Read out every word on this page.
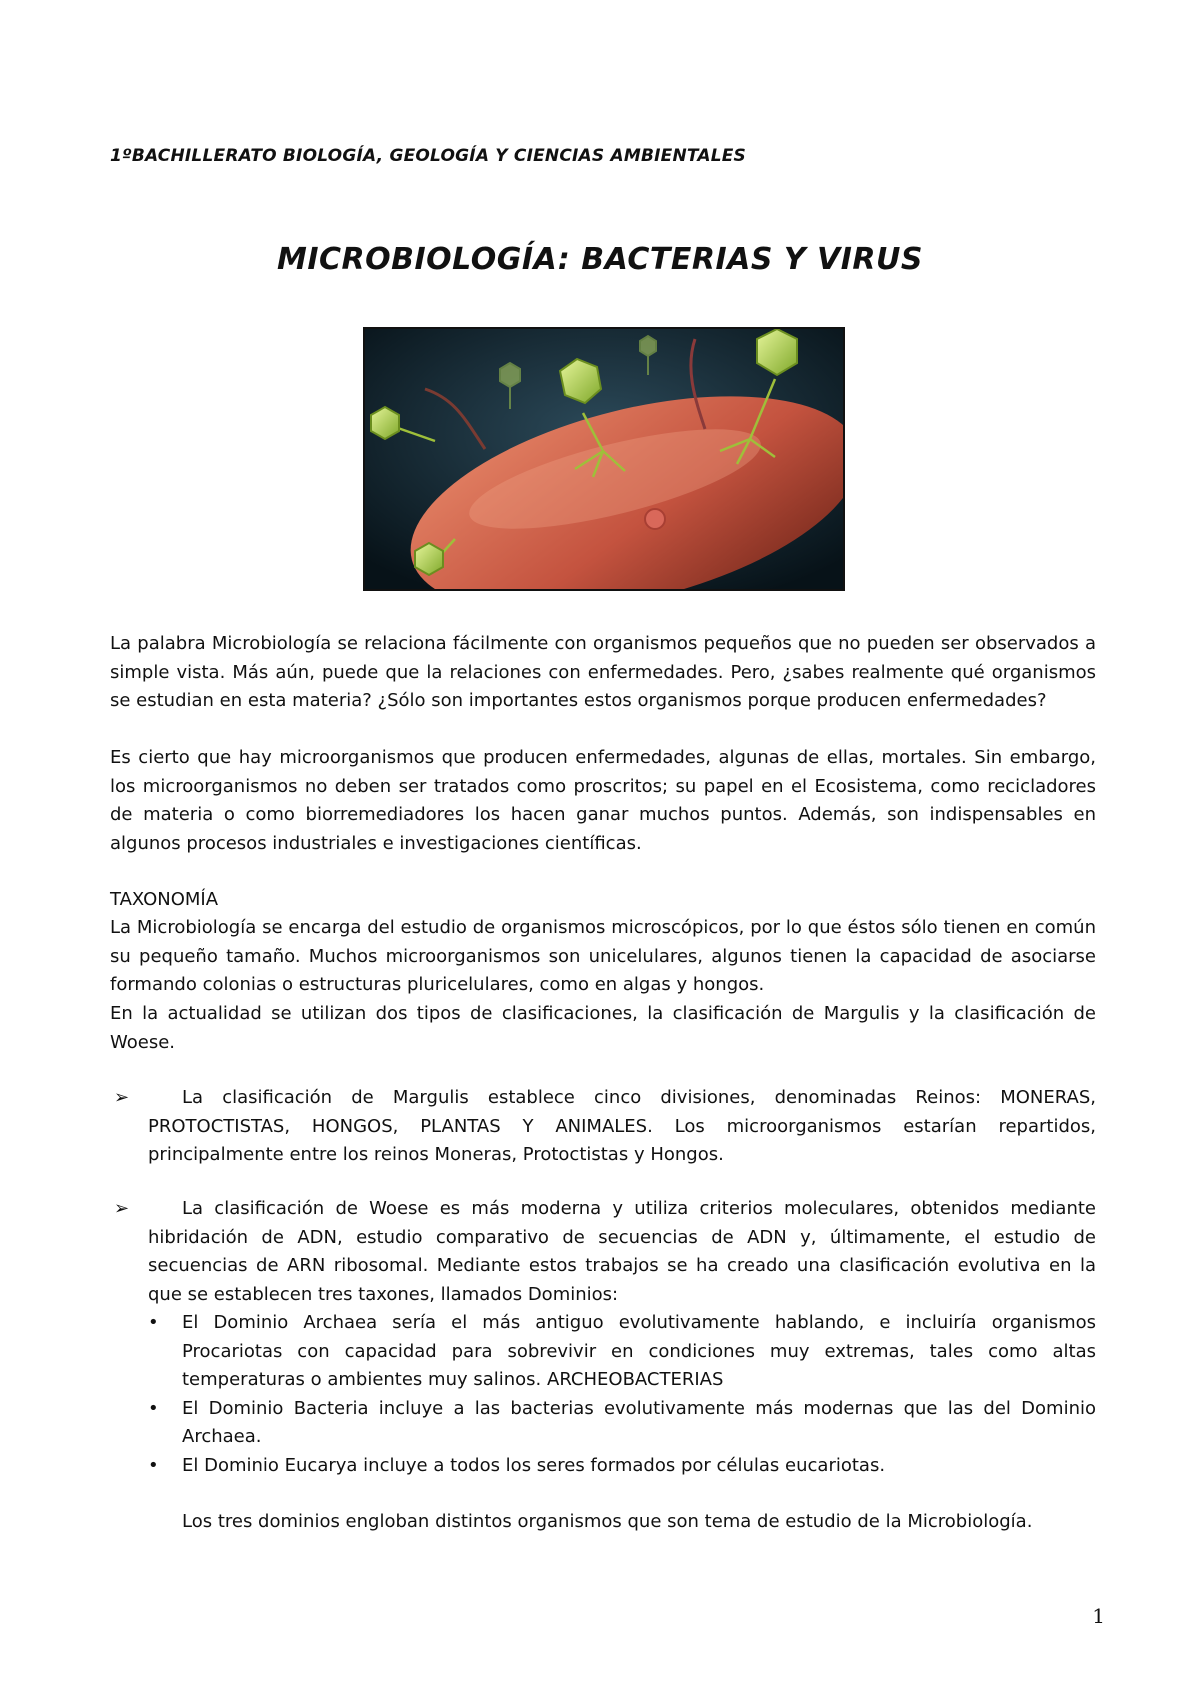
1ºBACHILLERATO BIOLOGÍA, GEOLOGÍA Y CIENCIAS AMBIENTALES
MICROBIOLOGÍA: BACTERIAS Y VIRUS
La palabra Microbiología se relaciona fácilmente con organismos pequeños que no pueden ser observados a simple vista. Más aún, puede que la relaciones con enfermedades. Pero, ¿sabes realmente qué organismos se estudian en esta materia? ¿Sólo son importantes estos organismos porque producen enfermedades?
Es cierto que hay microorganismos que producen enfermedades, algunas de ellas, mortales. Sin embargo, los microorganismos no deben ser tratados como proscritos; su papel en el Ecosistema, como recicladores de materia o como biorremediadores los hacen ganar muchos puntos. Además, son indispensables en algunos procesos industriales e investigaciones científicas.
TAXONOMÍA
La Microbiología se encarga del estudio de organismos microscópicos, por lo que éstos sólo tienen en común su pequeño tamaño. Muchos microorganismos son unicelulares, algunos tienen la capacidad de asociarse formando colonias o estructuras pluricelulares, como en algas y hongos.
En la actualidad se utilizan dos tipos de clasificaciones, la clasificación de Margulis y la clasificación de Woese.
➢	La clasificación de Margulis establece cinco divisiones, denominadas Reinos: MONERAS, PROTOCTISTAS, HONGOS, PLANTAS Y ANIMALES. Los microorganismos estarían repartidos, principalmente entre los reinos Moneras, Protoctistas y Hongos.
➢	La clasificación de Woese es más moderna y utiliza criterios moleculares, obtenidos mediante hibridación de ADN, estudio comparativo de secuencias de ADN y, últimamente, el estudio de secuencias de ARN ribosomal. Mediante estos trabajos se ha creado una clasificación evolutiva en la que se establecen tres taxones, llamados Dominios:
• El Dominio Archaea sería el más antiguo evolutivamente hablando, e incluiría organismos Procariotas con capacidad para sobrevivir en condiciones muy extremas, tales como altas temperaturas o ambientes muy salinos. ARCHEOBACTERIAS
• El Dominio Bacteria incluye a las bacterias evolutivamente más modernas que las del Dominio Archaea.
• El Dominio Eucarya incluye a todos los seres formados por células eucariotas.
Los tres dominios engloban distintos organismos que son tema de estudio de la Microbiología.
1
